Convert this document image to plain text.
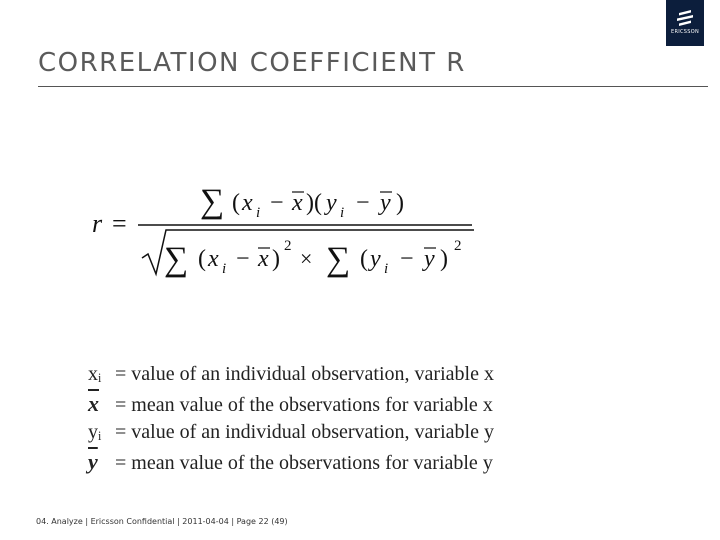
ERICSSON
CORRELATION COEFFICIENT R
r =
∑ ( x i − x )( y i − y )
∑ ( x i − x ) 2 × ∑ ( y i − y ) 2
xᵢ = value of an individual observation, variable x
$\overline{x}$ = mean value of the observations for variable x
yᵢ = value of an individual observation, variable y
$\overline{y}$ = mean value of the observations for variable y
04. Analyze | Ericsson Confidential | 2011-04-04 | Page 22 (49)
